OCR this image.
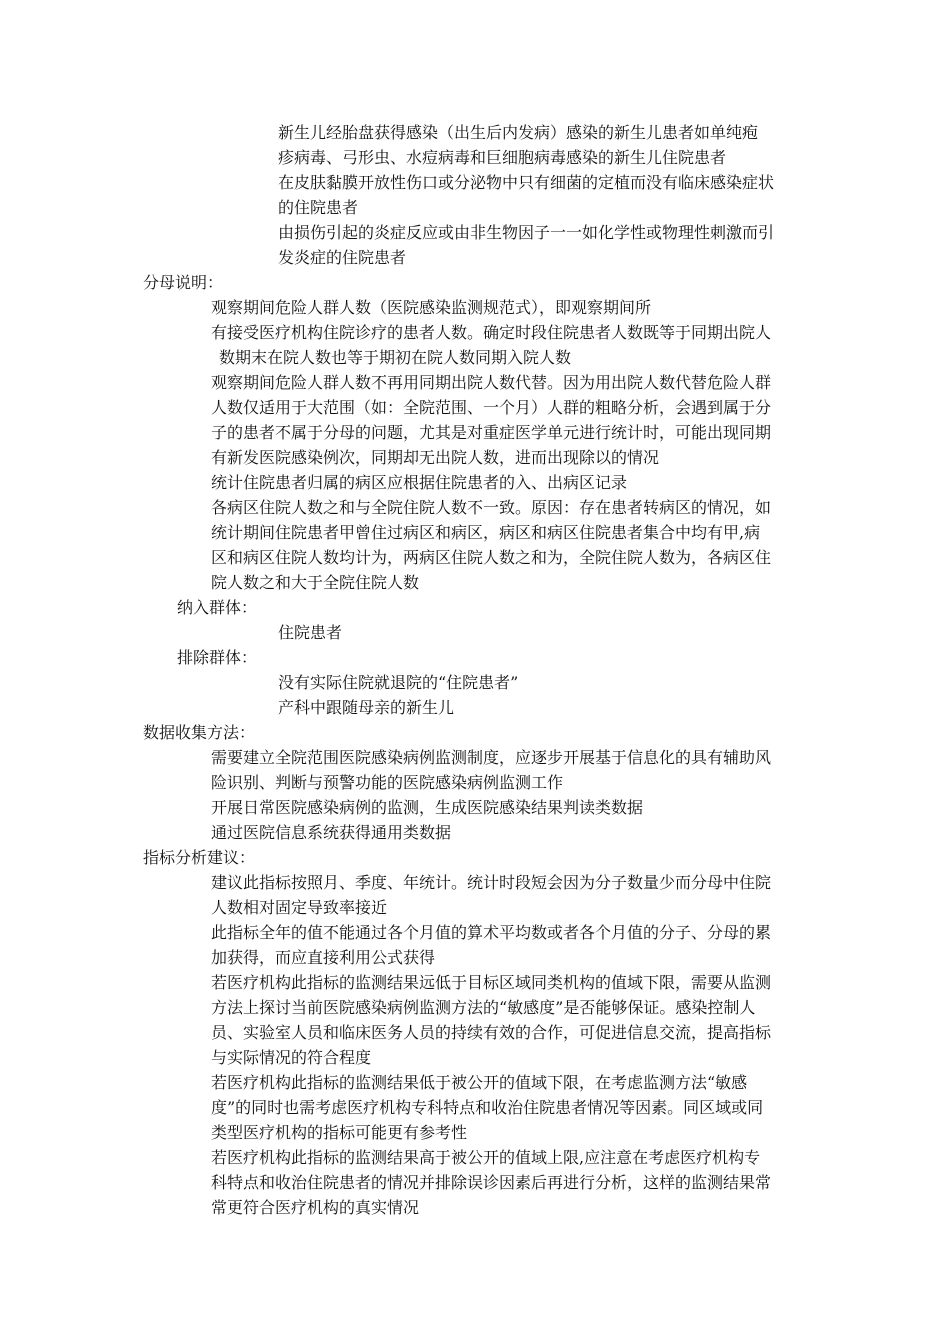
新生儿经胎盘获得感染（出生后内发病）感染的新生儿患者如单纯疱
疹病毒、弓形虫、水痘病毒和巨细胞病毒感染的新生儿住院患者
在皮肤黏膜开放性伤口或分泌物中只有细菌的定植而没有临床感染症状
的住院患者
由损伤引起的炎症反应或由非生物因子一一如化学性或物理性刺激而引
发炎症的住院患者
分母说明：
观察期间危险人群人数（医院感染监测规范式），即观察期间所
有接受医疗机构住院诊疗的患者人数。确定时段住院患者人数既等于同期出院人
数期末在院人数也等于期初在院人数同期入院人数
观察期间危险人群人数不再用同期出院人数代替。因为用出院人数代替危险人群
人数仅适用于大范围（如：全院范围、一个月）人群的粗略分析，会遇到属于分
子的患者不属于分母的问题，尤其是对重症医学单元进行统计时，可能出现同期
有新发医院感染例次，同期却无出院人数，进而出现除以的情况
统计住院患者归属的病区应根据住院患者的入、出病区记录
各病区住院人数之和与全院住院人数不一致。原因：存在患者转病区的情况，如
统计期间住院患者甲曾住过病区和病区，病区和病区住院患者集合中均有甲,病
区和病区住院人数均计为，两病区住院人数之和为，全院住院人数为，各病区住
院人数之和大于全院住院人数
纳入群体：
住院患者
排除群体：
没有实际住院就退院的“住院患者”
产科中跟随母亲的新生儿
数据收集方法：
需要建立全院范围医院感染病例监测制度，应逐步开展基于信息化的具有辅助风
险识别、判断与预警功能的医院感染病例监测工作
开展日常医院感染病例的监测，生成医院感染结果判读类数据
通过医院信息系统获得通用类数据
指标分析建议：
建议此指标按照月、季度、年统计。统计时段短会因为分子数量少而分母中住院
人数相对固定导致率接近
此指标全年的值不能通过各个月值的算术平均数或者各个月值的分子、分母的累
加获得，而应直接利用公式获得
若医疗机构此指标的监测结果远低于目标区域同类机构的值域下限，需要从监测
方法上探讨当前医院感染病例监测方法的“敏感度”是否能够保证。感染控制人
员、实验室人员和临床医务人员的持续有效的合作，可促进信息交流，提高指标
与实际情况的符合程度
若医疗机构此指标的监测结果低于被公开的值域下限，在考虑监测方法“敏感
度”的同时也需考虑医疗机构专科特点和收治住院患者情况等因素。同区域或同
类型医疗机构的指标可能更有参考性
若医疗机构此指标的监测结果高于被公开的值域上限,应注意在考虑医疗机构专
科特点和收治住院患者的情况并排除误诊因素后再进行分析，这样的监测结果常
常更符合医疗机构的真实情况
